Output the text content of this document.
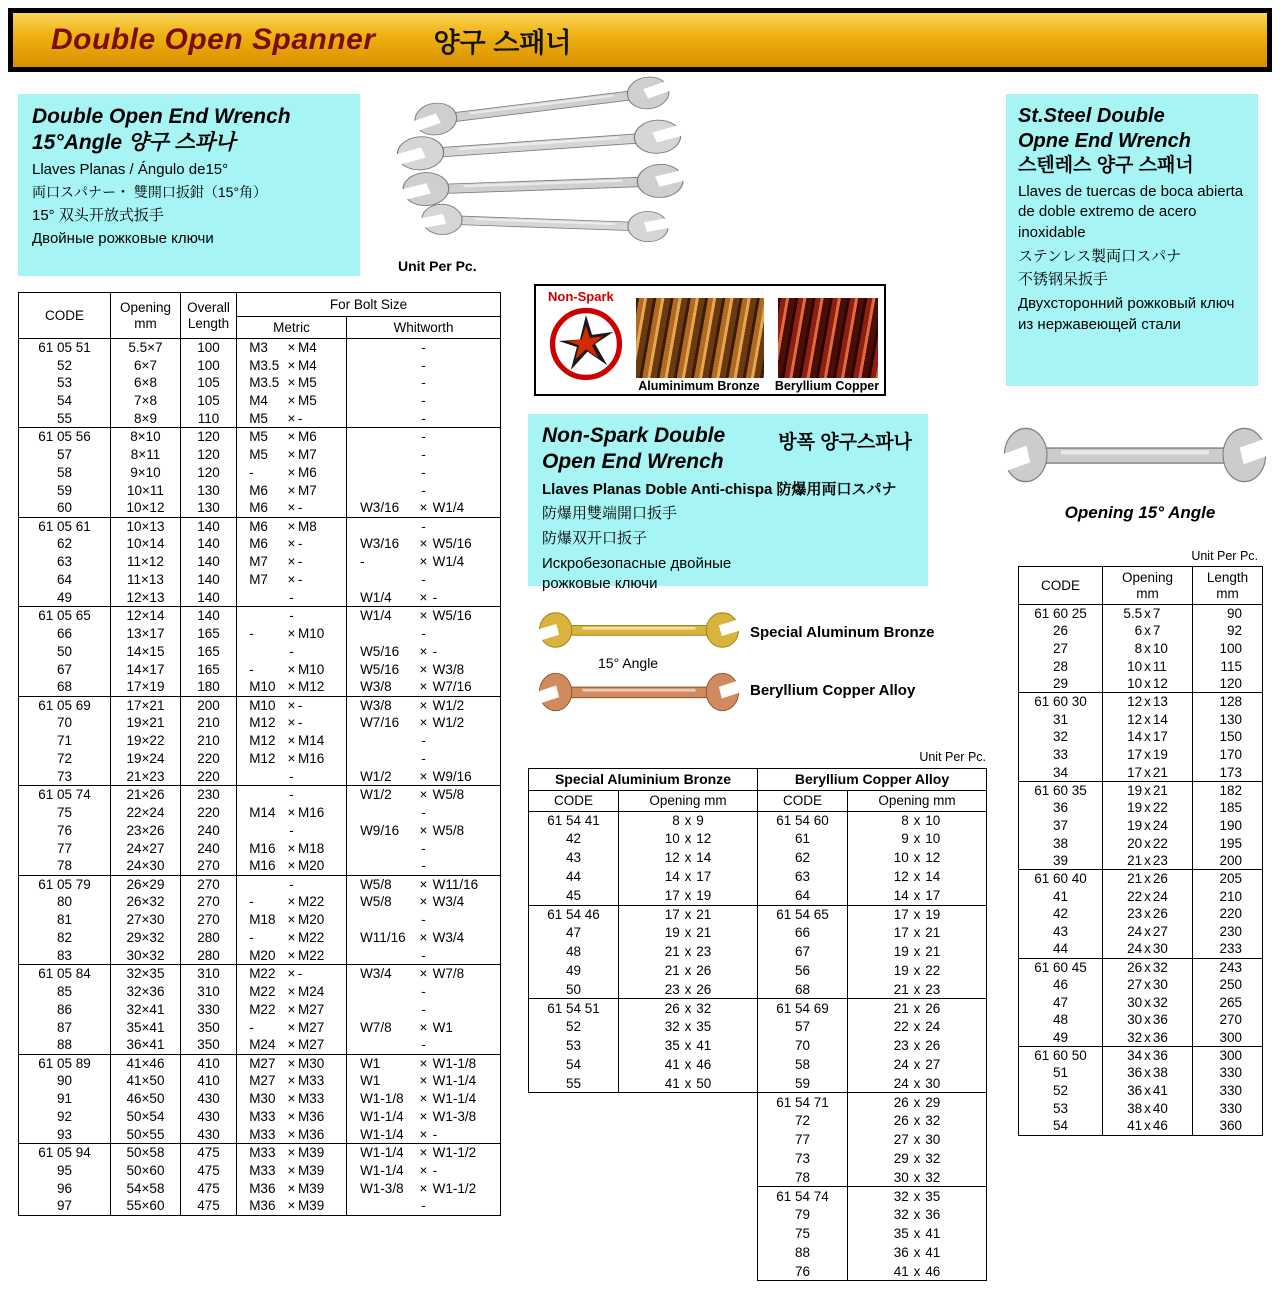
Double Open Spanner 양구 스패너
Double Open End Wrench
15°Angle 양구 스파나
Llaves Planas / Ángulo de15°
両口スパナー・ 雙開口扳鉗（15°角）
15° 双头开放式扳手
Двойные рожковые ключи
Unit Per Pc.
St.Steel Double
Opne End Wrench
스텐레스 양구 스패너
Llaves de tuercas de boca abierta de doble extremo de acero inoxidable
ステンレス製両口スパナ
不锈钢呆扳手
Двухсторонний рожковый ключ из нержавеющей стали
CODE	Opening
mm	Overall
Length	For Bolt Size	
			Metric	Whitworth
61 05 51	5.5×7	100	M3 × M4	-
52	6×7	100	M3.5 × M4	-
53	6×8	105	M3.5 × M5	-
54	7×8	105	M4 × M5	-
55	8×9	110	M5 × -	-
61 05 56	8×10	120	M5 × M6	-
57	8×11	120	M5 × M7	-
58	9×10	120	- × M6	-
59	10×11	130	M6 × M7	-
60	10×12	130	M6 × -	W3/16 × W1/4
61 05 61	10×13	140	M6 × M8	-
62	10×14	140	M6 × -	W3/16 × W5/16
63	11×12	140	M7 × -	- × W1/4
64	11×13	140	M7 × -	-
49	12×13	140	-	W1/4 × -
61 05 65	12×14	140	-	W1/4 × W5/16
66	13×17	165	- × M10	-
50	14×15	165	-	W5/16 × -
67	14×17	165	- × M10	W5/16 × W3/8
68	17×19	180	M10 × M12	W3/8 × W7/16
61 05 69	17×21	200	M10 × -	W3/8 × W1/2
70	19×21	210	M12 × -	W7/16 × W1/2
71	19×22	210	M12 × M14	-
72	19×24	220	M12 × M16	-
73	21×23	220	-	W1/2 × W9/16
61 05 74	21×26	230	-	W1/2 × W5/8
75	22×24	220	M14 × M16	-
76	23×26	240	-	W9/16 × W5/8
77	24×27	240	M16 × M18	-
78	24×30	270	M16 × M20	-
61 05 79	26×29	270	-	W5/8 × W11/16
80	26×32	270	- × M22	W5/8 × W3/4
81	27×30	270	M18 × M20	-
82	29×32	280	- × M22	W11/16 × W3/4
83	30×32	280	M20 × M22	-
61 05 84	32×35	310	M22 × -	W3/4 × W7/8
85	32×36	310	M22 × M24	-
86	32×41	330	M22 × M27	-
87	35×41	350	- × M27	W7/8 × W1
88	36×41	350	M24 × M27	-
61 05 89	41×46	410	M27 × M30	W1 × W1-1/8
90	41×50	410	M27 × M33	W1 × W1-1/4
91	46×50	430	M30 × M33	W1-1/8 × W1-1/4
92	50×54	430	M33 × M36	W1-1/4 × W1-3/8
93	50×55	430	M33 × M36	W1-1/4 × -
61 05 94	50×58	475	M33 × M39	W1-1/4 × W1-1/2
95	50×60	475	M33 × M39	W1-1/4 × -
96	54×58	475	M36 × M39	W1-3/8 × W1-1/2
97	55×60	475	M36 × M39	-
Non-Spark
Aluminimum Bronze	Beryllium Copper
Non-Spark Double
Open End Wrench
방폭 양구스파나
Llaves Planas Doble Anti-chispa 防爆用両口スパナ
防爆用雙端開口扳手
防爆双开口扳子
Искробезопасные двойные рожковые ключи
15° Angle
Special Aluminum Bronze
Beryllium Copper Alloy
Unit Per Pc.
Special Aluminium Bronze		Beryllium Copper Alloy	
CODE	Opening mm	CODE	Opening mm
61 54 41	8 x 9	61 54 60	8 x 10
42	10 x 12	61	9 x 10
43	12 x 14	62	10 x 12
44	14 x 17	63	12 x 14
45	17 x 19	64	14 x 17
61 54 46	17 x 21	61 54 65	17 x 19
47	19 x 21	66	17 x 21
48	21 x 23	67	19 x 21
49	21 x 26	56	19 x 22
50	23 x 26	68	21 x 23
61 54 51	26 x 32	61 54 69	21 x 26
52	32 x 35	57	22 x 24
53	35 x 41	70	23 x 26
54	41 x 46	58	24 x 27
55	41 x 50	59	24 x 30
		61 54 71	26 x 29
		72	26 x 32
		77	27 x 30
		73	29 x 32
		78	30 x 32
		61 54 74	32 x 35
		79	32 x 36
		75	35 x 41
		88	36 x 41
		76	41 x 46
Opening 15° Angle
Unit Per Pc.
CODE	Opening
mm	Length
mm
61 60 25	5.5 x 7	90
26	6 x 7	92
27	8 x 10	100
28	10 x 11	115
29	10 x 12	120
61 60 30	12 x 13	128
31	12 x 14	130
32	14 x 17	150
33	17 x 19	170
34	17 x 21	173
61 60 35	19 x 21	182
36	19 x 22	185
37	19 x 24	190
38	20 x 22	195
39	21 x 23	200
61 60 40	21 x 26	205
41	22 x 24	210
42	23 x 26	220
43	24 x 27	230
44	24 x 30	233
61 60 45	26 x 32	243
46	27 x 30	250
47	30 x 32	265
48	30 x 36	270
49	32 x 36	300
61 60 50	34 x 36	300
51	36 x 38	330
52	36 x 41	330
53	38 x 40	330
54	41 x 46	360
